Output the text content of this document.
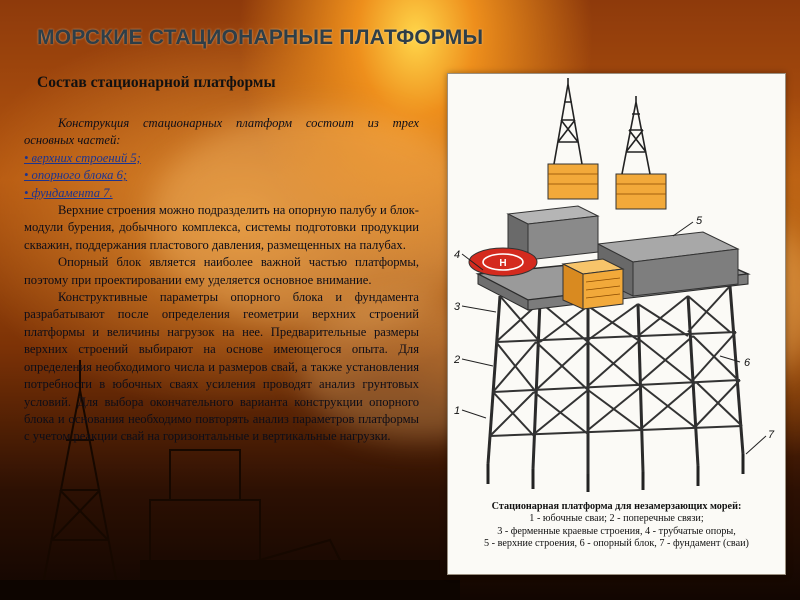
МОРСКИЕ СТАЦИОНАРНЫЕ ПЛАТФОРМЫ
Состав стационарной платформы

Конструкция стационарных платформ состоит из трех основных частей:

• верхних строений 5;

• опорного блока 6;

• фундамента 7.

Верхние строения можно подразделить на опорную палубу и блок-модули бурения, добычного комплекса, системы подготовки продукции скважин, поддержания пластового давления, размещенных на палубах.

Опорный блок является наиболее важной частью платформы, поэтому при проектировании ему уделяется основное внимание.

Конструктивные параметры опорного блока и фундамента разрабатывают после определения геометрии верхних строений платформы и величины нагрузок на нее. Предварительные размеры верхних строений выбирают на основе имеющегося опыта. Для определения необходимого числа и размеров свай, а также установления потребности в юбочных сваях усиления проводят анализ грунтовых условий. Для выбора окончательного варианта конструкции опорного блока и основания необходимо повторять анализ параметров платформы с учетом реакции свай на горизонтальные и вертикальные нагрузки.

H
1
2
3
4
5
6
7

Стационарная платформа для незамерзающих морей:

1 - юбочные сваи; 2 - поперечные связи;

3 - ферменные краевые строения, 4 - трубчатые опоры,

5 - верхние строения, 6 - опорный блок, 7 - фундамент (сваи)
